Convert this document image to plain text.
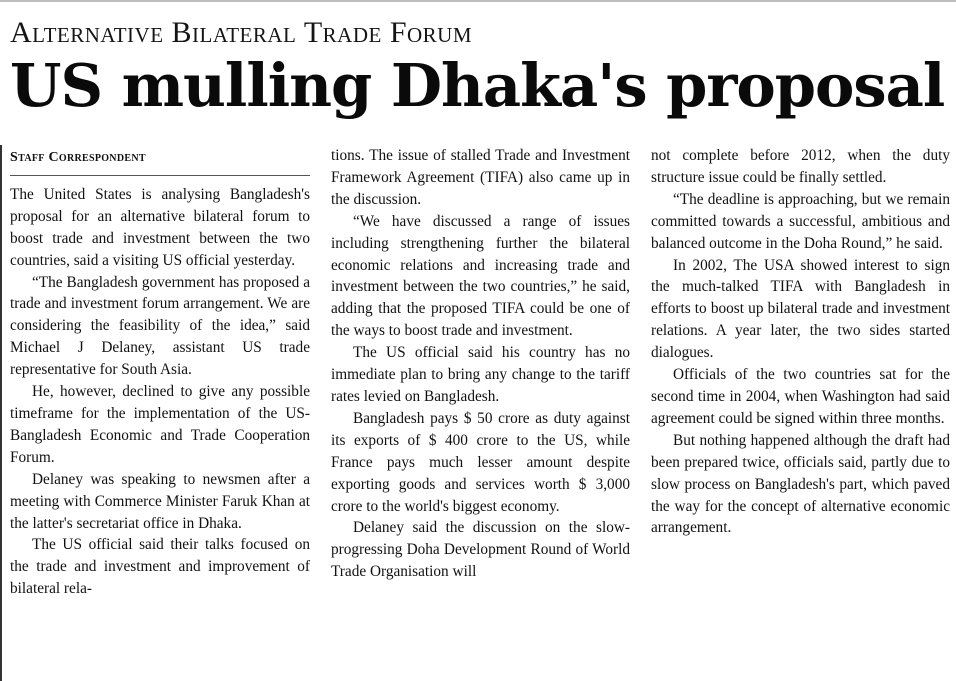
Alternative Bilateral Trade Forum
US mulling Dhaka's proposal
Staff Correspondent

The United States is analysing Bangladesh's proposal for an alternative bilateral forum to boost trade and investment between the two countries, said a visiting US official yesterday.

“The Bangladesh government has proposed a trade and investment forum arrangement. We are considering the feasibility of the idea,” said Michael J Delaney, assistant US trade representative for South Asia.

He, however, declined to give any possible timeframe for the implementation of the US-Bangladesh Economic and Trade Cooperation Forum.

Delaney was speaking to newsmen after a meeting with Commerce Minister Faruk Khan at the latter's secretariat office in Dhaka.

The US official said their talks focused on the trade and investment and improvement of bilateral rela-

tions. The issue of stalled Trade and Investment Framework Agreement (TIFA) also came up in the discussion.

“We have discussed a range of issues including strengthening further the bilateral economic relations and increasing trade and investment between the two countries,” he said, adding that the proposed TIFA could be one of the ways to boost trade and investment.

The US official said his country has no immediate plan to bring any change to the tariff rates levied on Bangladesh.

Bangladesh pays $ 50 crore as duty against its exports of $ 400 crore to the US, while France pays much lesser amount despite exporting goods and services worth $ 3,000 crore to the world's biggest economy.

Delaney said the discussion on the slow-progressing Doha Development Round of World Trade Organisation will

not complete before 2012, when the duty structure issue could be finally settled.

“The deadline is approaching, but we remain committed towards a successful, ambitious and balanced outcome in the Doha Round,” he said.

In 2002, The USA showed interest to sign the much-talked TIFA with Bangladesh in efforts to boost up bilateral trade and investment relations. A year later, the two sides started dialogues.

Officials of the two countries sat for the second time in 2004, when Washington had said agreement could be signed within three months.

But nothing happened although the draft had been prepared twice, officials said, partly due to slow process on Bangladesh's part, which paved the way for the concept of alternative economic arrangement.
